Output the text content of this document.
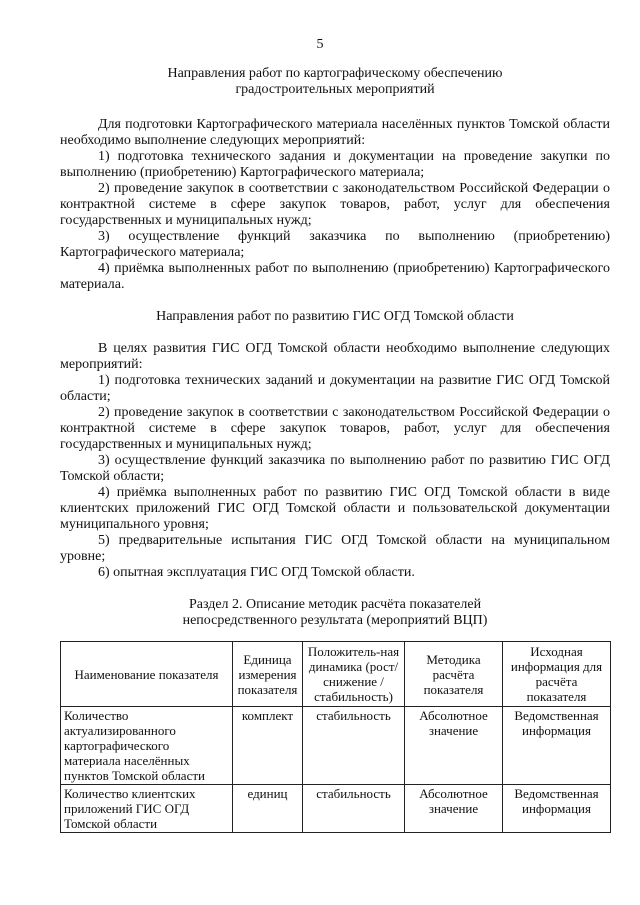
5
Направления работ по картографическому обеспечению
градостроительных мероприятий

Для подготовки Картографического материала населённых пунктов Томской области необходимо выполнение следующих мероприятий:

1) подготовка технического задания и документации на проведение закупки по выполнению (приобретению) Картографического материала;

2) проведение закупок в соответствии с законодательством Российской Федерации о контрактной системе в сфере закупок товаров, работ, услуг для обеспечения государственных и муниципальных нужд;

3) осуществление функций заказчика по выполнению (приобретению) Картографического материала;

4) приёмка выполненных работ по выполнению (приобретению) Картографического материала.

Направления работ по развитию ГИС ОГД Томской области

В целях развития ГИС ОГД Томской области необходимо выполнение следующих мероприятий:

1) подготовка технических заданий и документации на развитие ГИС ОГД Томской области;

2) проведение закупок в соответствии с законодательством Российской Федерации о контрактной системе в сфере закупок товаров, работ, услуг для обеспечения государственных и муниципальных нужд;

3) осуществление функций заказчика по выполнению работ по развитию ГИС ОГД Томской области;

4) приёмка выполненных работ по развитию ГИС ОГД Томской области в виде клиентских приложений ГИС ОГД Томской области и пользовательской документации муниципального уровня;

5) предварительные испытания ГИС ОГД Томской области на муниципальном уровне;

6) опытная эксплуатация ГИС ОГД Томской области.

Раздел 2. Описание методик расчёта показателей
непосредственного результата (мероприятий ВЦП)
Наименование показателя	Единица измерения показателя	Положитель-ная динамика (рост/снижение /стабильность)	Методика расчёта показателя	Исходная информация для расчёта показателя
Количество актуализированного картографического материала населённых пунктов Томской области	комплект	стабильность	Абсолютное значение	Ведомственная информация
Количество клиентских приложений ГИС ОГД Томской области	единиц	стабильность	Абсолютное значение	Ведомственная информация
